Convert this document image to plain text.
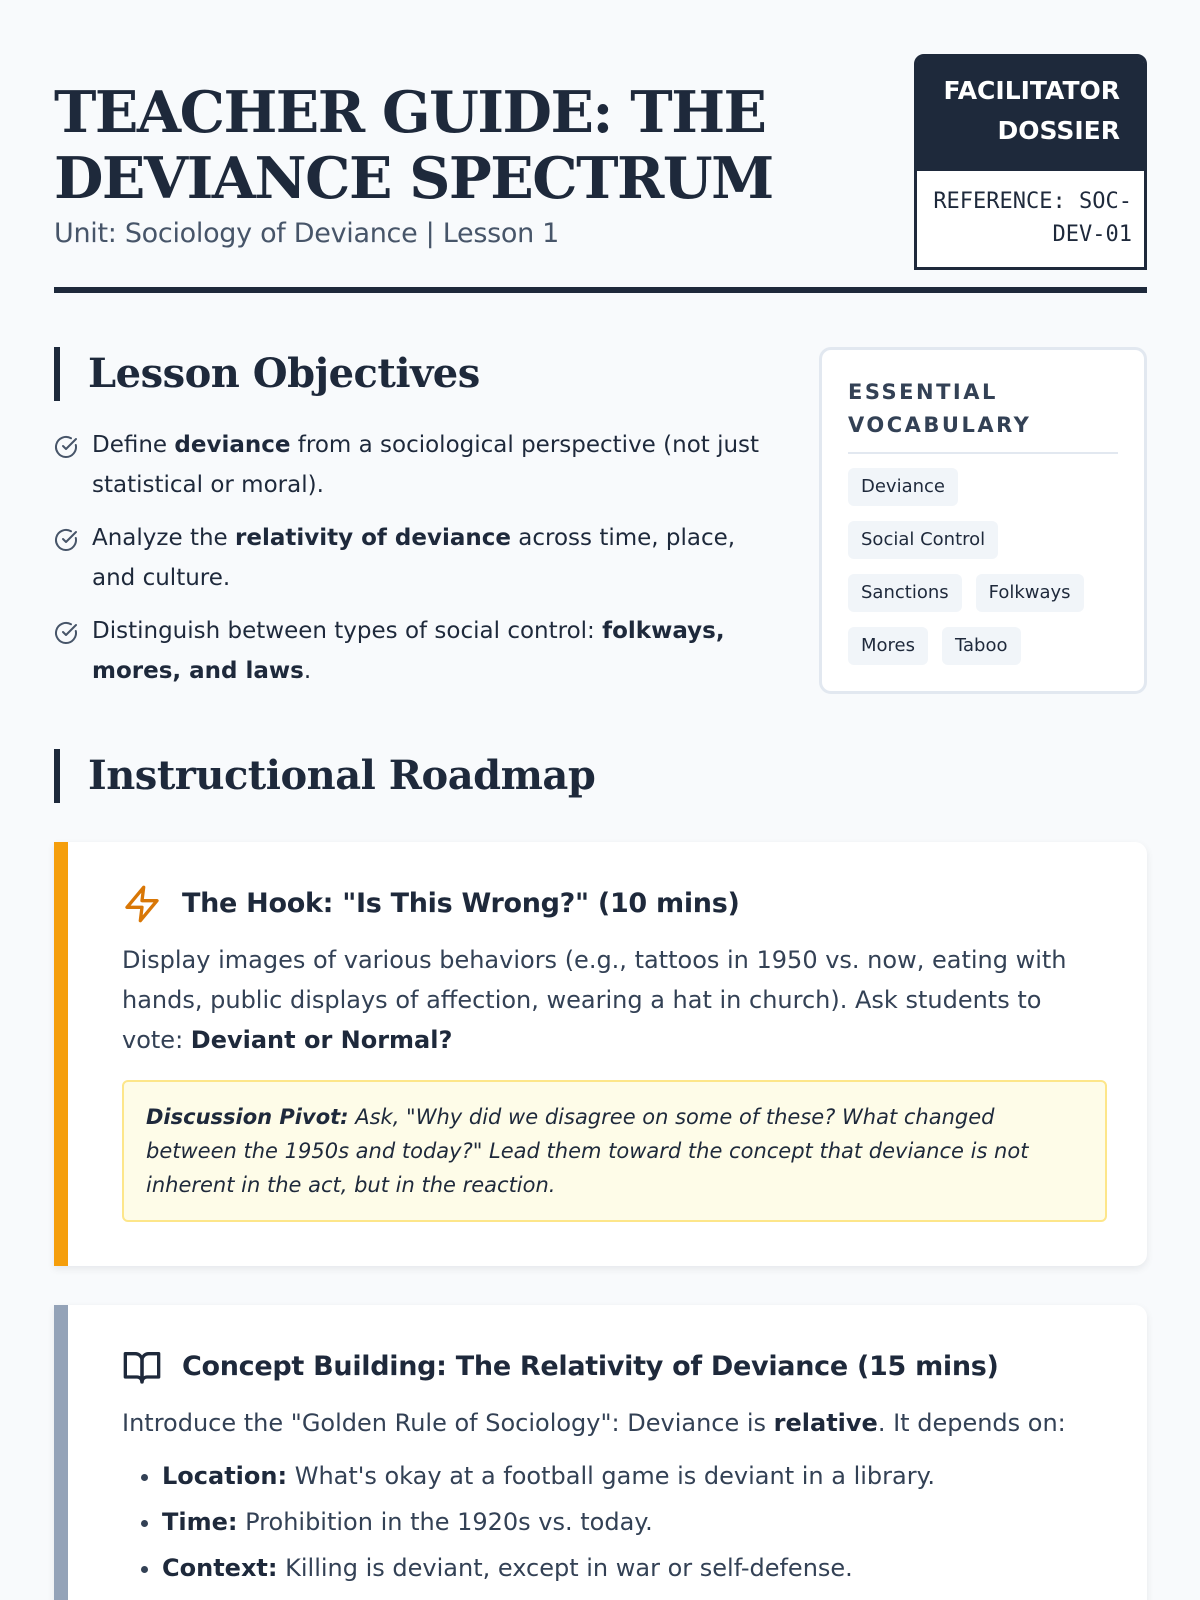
TEACHER GUIDE: THE DEVIANCE SPECTRUM
Unit: Sociology of Deviance | Lesson 1
FACILITATOR DOSSIER
REFERENCE: SOC-DEV-01
Lesson Objectives
Define deviance from a sociological perspective (not just statistical or moral).
Analyze the relativity of deviance across time, place, and culture.
Distinguish between types of social control: folkways, mores, and laws.
ESSENTIAL VOCABULARY
Deviance
Social Control
Sanctions	Folkways
Mores	Taboo
Instructional Roadmap
The Hook: "Is This Wrong?" (10 mins)

Display images of various behaviors (e.g., tattoos in 1950 vs. now, eating with hands, public displays of affection, wearing a hat in church). Ask students to vote: Deviant or Normal?

Discussion Pivot: Ask, "Why did we disagree on some of these? What changed between the 1950s and today?" Lead them toward the concept that deviance is not inherent in the act, but in the reaction.
Concept Building: The Relativity of Deviance (15 mins)

Introduce the "Golden Rule of Sociology": Deviance is relative. It depends on:

• Location: What's okay at a football game is deviant in a library.
• Time: Prohibition in the 1920s vs. today.
• Context: Killing is deviant, except in war or self-defense.
